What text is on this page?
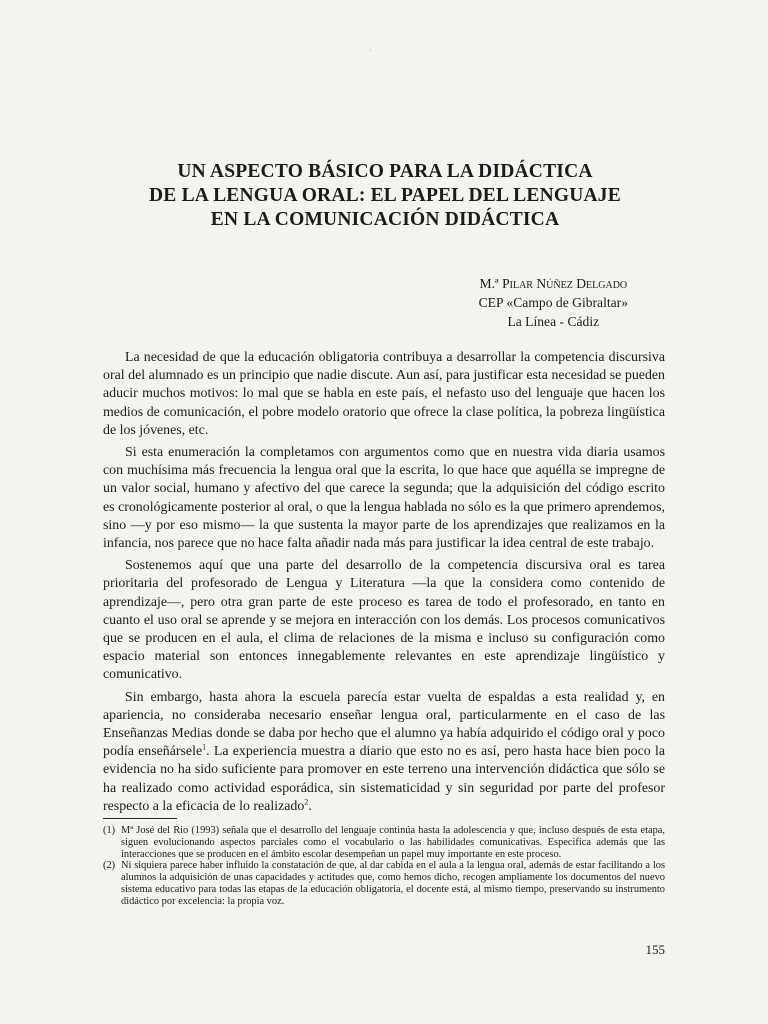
·
UN ASPECTO BÁSICO PARA LA DIDÁCTICA
DE LA LENGUA ORAL: EL PAPEL DEL LENGUAJE
EN LA COMUNICACIÓN DIDÁCTICA
M.ª Pilar Núñez Delgado
CEP «Campo de Gibraltar»
La Línea - Cádiz

La necesidad de que la educación obligatoria contribuya a desarrollar la competencia discursiva oral del alumnado es un principio que nadie discute. Aun así, para justificar esta necesidad se pueden aducir muchos motivos: lo mal que se habla en este país, el nefasto uso del lenguaje que hacen los medios de comunicación, el pobre modelo oratorio que ofrece la clase política, la pobreza lingüística de los jóvenes, etc.

Si esta enumeración la completamos con argumentos como que en nuestra vida diaria usamos con muchísima más frecuencia la lengua oral que la escrita, lo que hace que aquélla se impregne de un valor social, humano y afectivo del que carece la segunda; que la adquisición del código escrito es cronológicamente posterior al oral, o que la lengua hablada no sólo es la que primero aprendemos, sino —y por eso mismo— la que sustenta la mayor parte de los aprendizajes que realizamos en la infancia, nos parece que no hace falta añadir nada más para justificar la idea central de este trabajo.

Sostenemos aquí que una parte del desarrollo de la competencia discursiva oral es tarea prioritaria del profesorado de Lengua y Literatura —la que la considera como contenido de aprendizaje—, pero otra gran parte de este proceso es tarea de todo el profesorado, en tanto en cuanto el uso oral se aprende y se mejora en interacción con los demás. Los procesos comunicativos que se producen en el aula, el clima de relaciones de la misma e incluso su configuración como espacio material son entonces innegablemente relevantes en este aprendizaje lingüístico y comunicativo.

Sin embargo, hasta ahora la escuela parecía estar vuelta de espaldas a esta realidad y, en apariencia, no consideraba necesario enseñar lengua oral, particularmente en el caso de las Enseñanzas Medias donde se daba por hecho que el alumno ya había adquirido el código oral y poco podía enseñársele$^1$. La experiencia muestra a diario que esto no es así, pero hasta hace bien poco la evidencia no ha sido suficiente para promover en este terreno una intervención didáctica que sólo se ha realizado como actividad esporádica, sin sistematicidad y sin seguridad por parte del profesor respecto a la eficacia de lo realizado$^2$.

(1) Mª José del Rio (1993) señala que el desarrollo del lenguaje continúa hasta la adolescencia y que, incluso después de esta etapa, siguen evolucionando aspectos parciales como el vocabulario o las habilidades comunicativas. Especifica además que las interacciones que se producen en el ámbito escolar desempeñan un papel muy importante en este proceso.
(2) Ni siquiera parece haber influido la constatación de que, al dar cabida en el aula a la lengua oral, además de estar facilitando a los alumnos la adquisición de unas capacidades y actitudes que, como hemos dicho, recogen ampliamente los documentos del nuevo sistema educativo para todas las etapas de la educación obligatoria, el docente está, al mismo tiempo, preservando su instrumento didáctico por excelencia: la propia voz.
155
